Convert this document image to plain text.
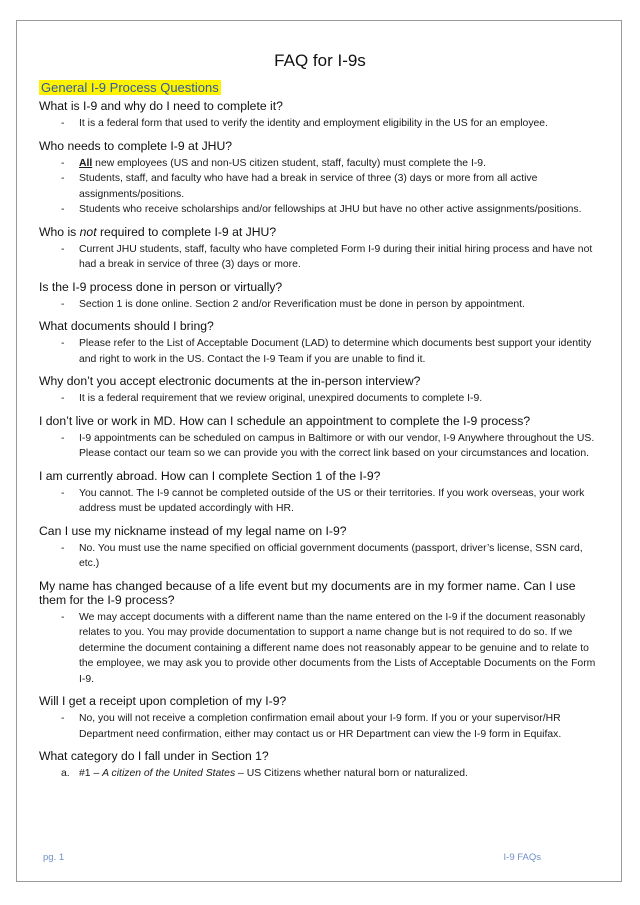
FAQ for I-9s
General I-9 Process Questions
What is I-9 and why do I need to complete it?
- It is a federal form that used to verify the identity and employment eligibility in the US for an employee.
Who needs to complete I-9 at JHU?
- All new employees (US and non-US citizen student, staff, faculty) must complete the I-9.
- Students, staff, and faculty who have had a break in service of three (3) days or more from all active assignments/positions.
- Students who receive scholarships and/or fellowships at JHU but have no other active assignments/positions.
Who is not required to complete I-9 at JHU?
- Current JHU students, staff, faculty who have completed Form I-9 during their initial hiring process and have not had a break in service of three (3) days or more.
Is the I-9 process done in person or virtually?
- Section 1 is done online. Section 2 and/or Reverification must be done in person by appointment.
What documents should I bring?
- Please refer to the List of Acceptable Document (LAD) to determine which documents best support your identity and right to work in the US. Contact the I-9 Team if you are unable to find it.
Why don’t you accept electronic documents at the in-person interview?
- It is a federal requirement that we review original, unexpired documents to complete I-9.
I don’t live or work in MD. How can I schedule an appointment to complete the I-9 process?
- I-9 appointments can be scheduled on campus in Baltimore or with our vendor, I-9 Anywhere throughout the US. Please contact our team so we can provide you with the correct link based on your circumstances and location.
I am currently abroad. How can I complete Section 1 of the I-9?
- You cannot. The I-9 cannot be completed outside of the US or their territories. If you work overseas, your work address must be updated accordingly with HR.
Can I use my nickname instead of my legal name on I-9?
- No. You must use the name specified on official government documents (passport, driver’s license, SSN card, etc.)
My name has changed because of a life event but my documents are in my former name. Can I use them for the I-9 process?
- We may accept documents with a different name than the name entered on the I-9 if the document reasonably relates to you. You may provide documentation to support a name change but is not required to do so. If we determine the document containing a different name does not reasonably appear to be genuine and to relate to the employee, we may ask you to provide other documents from the Lists of Acceptable Documents on the Form I-9.
Will I get a receipt upon completion of my I-9?
- No, you will not receive a completion confirmation email about your I-9 form. If you or your supervisor/HR Department need confirmation, either may contact us or HR Department can view the I-9 form in Equifax.
What category do I fall under in Section 1?
a. #1 – A citizen of the United States – US Citizens whether natural born or naturalized.
pg. 1	I-9 FAQs
